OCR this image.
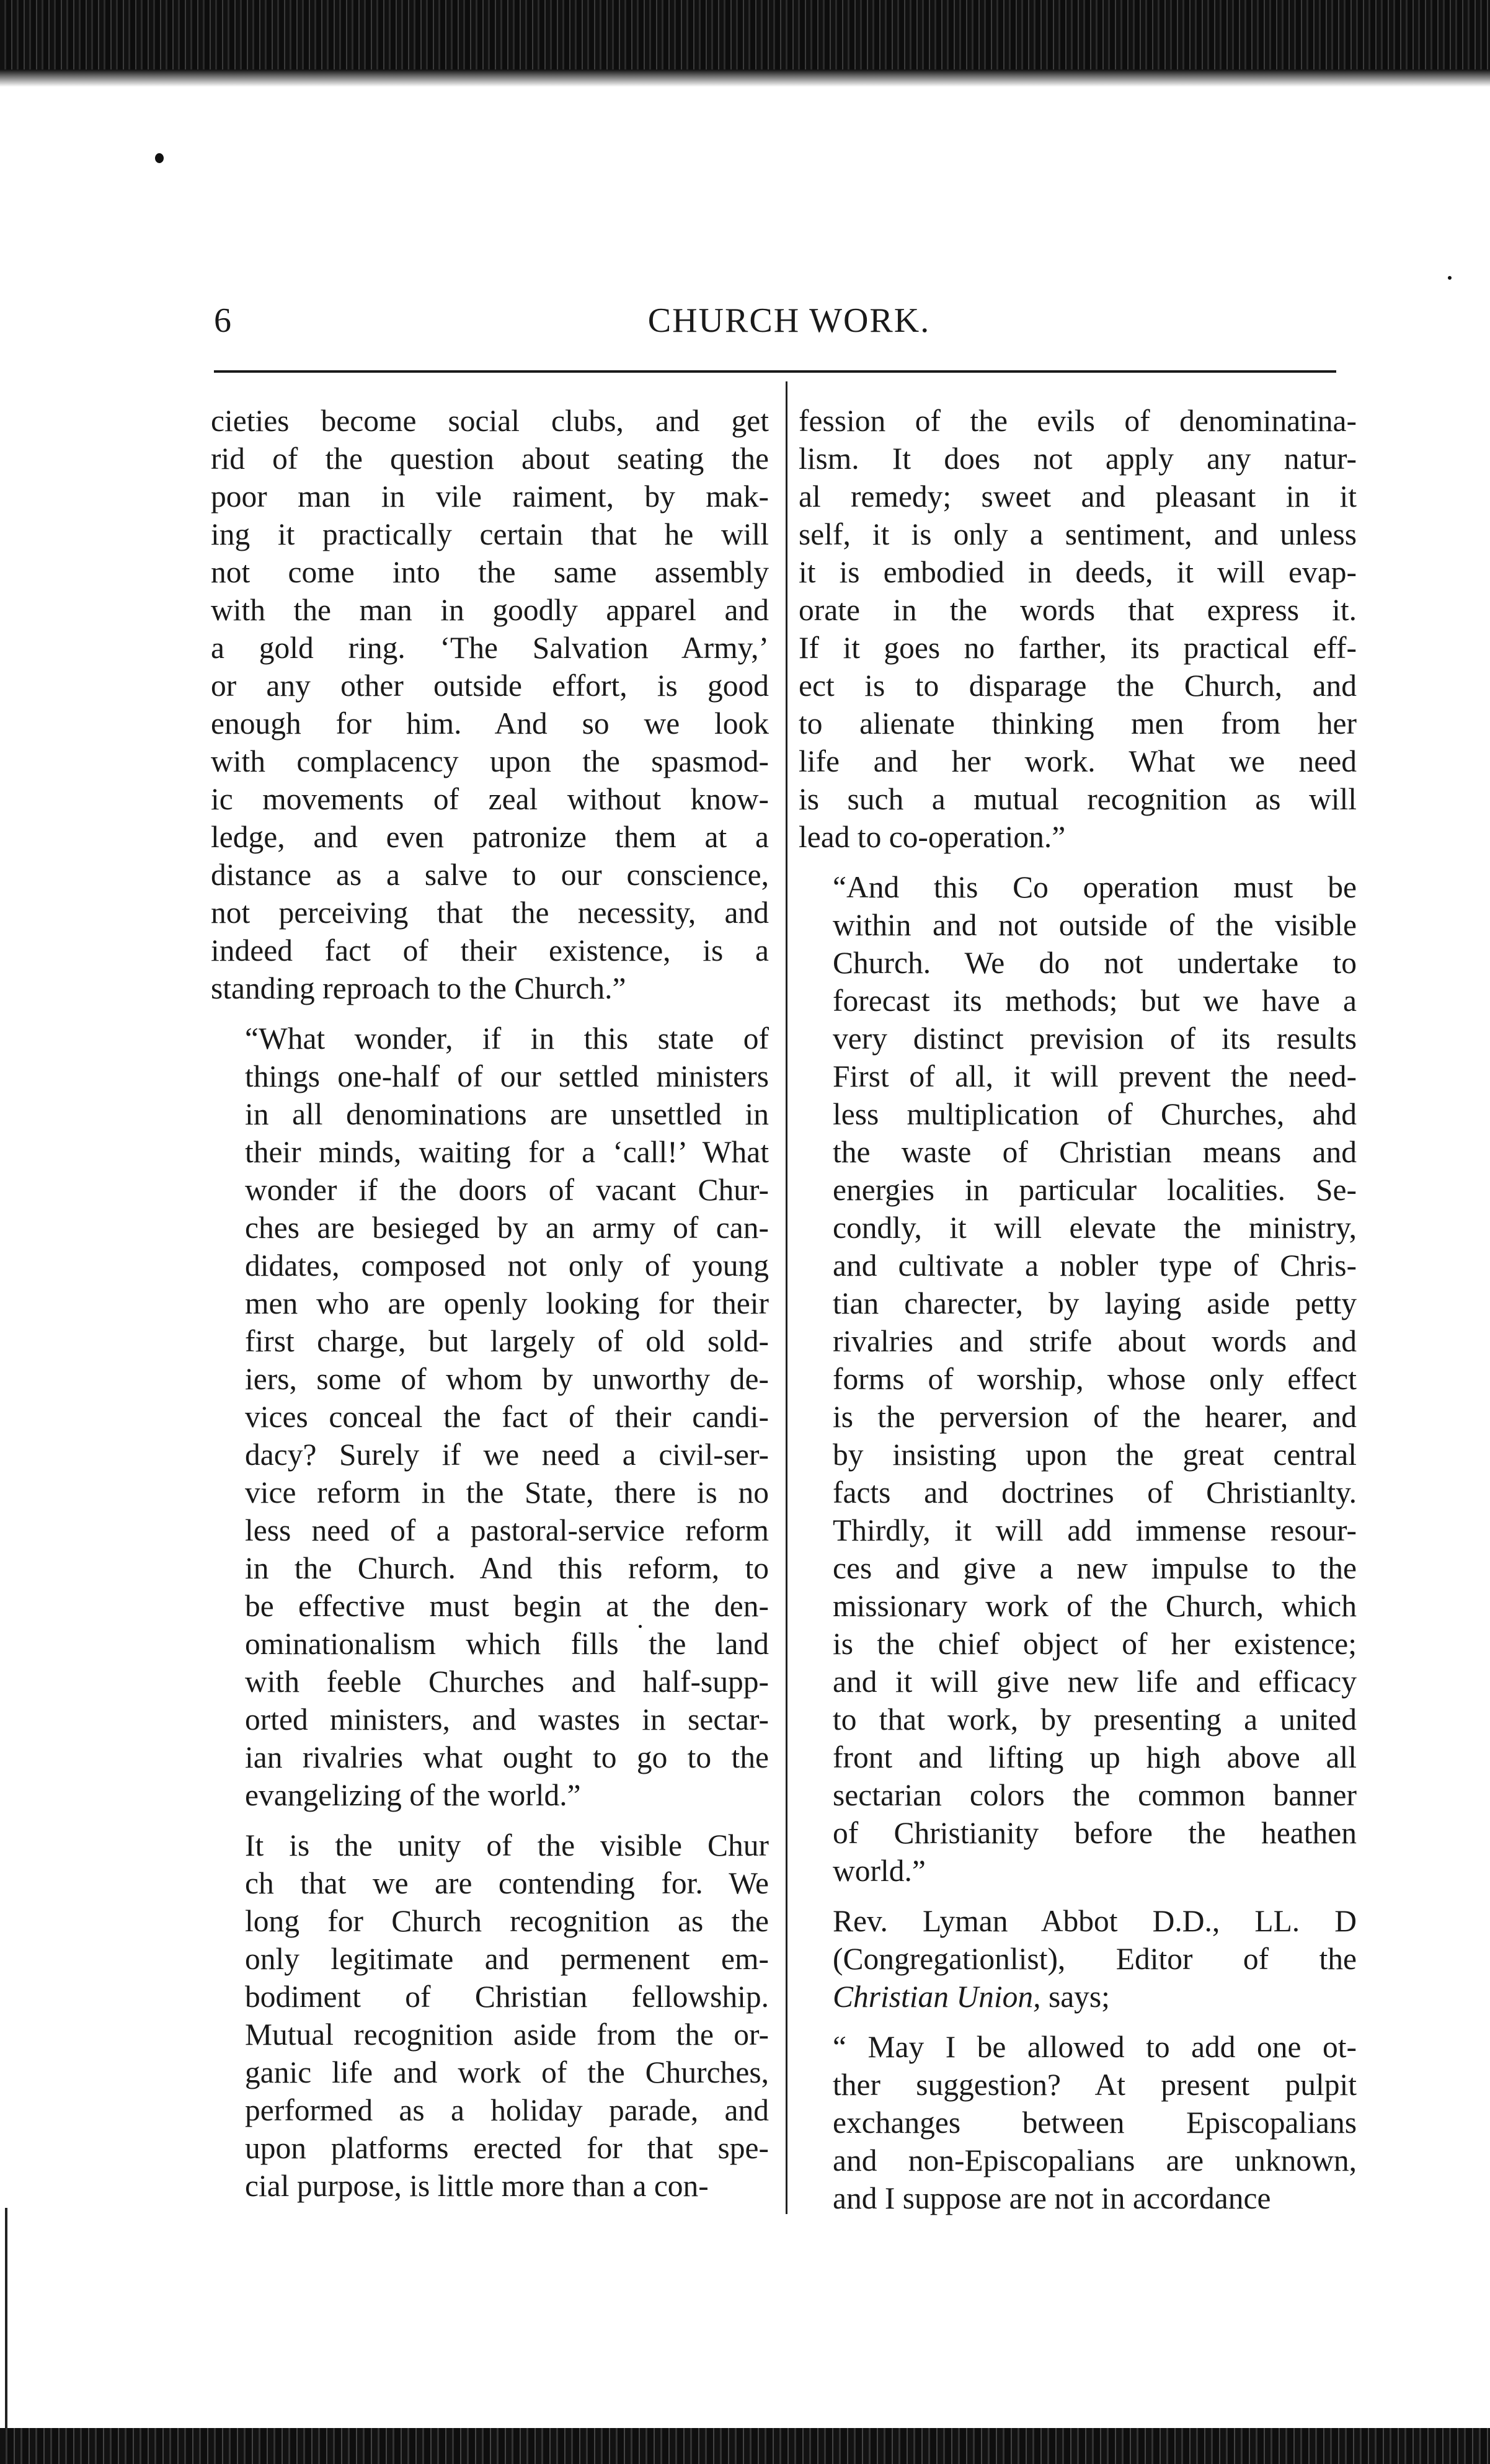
6	CHURCH WORK.

cieties become social clubs, and get
rid of the question about seating the
poor man in vile raiment, by mak-
ing it practically certain that he will
not come into the same assembly
with the man in goodly apparel and
a gold ring. ‘The Salvation Army,’
or any other outside effort, is good
enough for him. And so we look
with complacency upon the spasmod-
ic movements of zeal without know-
ledge, and even patronize them at a
distance as a salve to our conscience,
not perceiving that the necessity, and
indeed fact of their existence, is a
standing reproach to the Church.”

“What wonder, if in this state of
things one-half of our settled ministers
in all denominations are unsettled in
their minds, waiting for a ‘call!’ What
wonder if the doors of vacant Chur-
ches are besieged by an army of can-
didates, composed not only of young
men who are openly looking for their
first charge, but largely of old sold-
iers, some of whom by unworthy de-
vices conceal the fact of their candi-
dacy? Surely if we need a civil-ser-
vice reform in the State, there is no
less need of a pastoral-service reform
in the Church. And this reform, to
be effective must begin at the den-
ominationalism which fills the land
with feeble Churches and half-supp-
orted ministers, and wastes in sectar-
ian rivalries what ought to go to the
evangelizing of the world.”

It is the unity of the visible Chur
ch that we are contending for. We
long for Church recognition as the
only legitimate and permenent em-
bodiment of Christian fellowship.
Mutual recognition aside from the or-
ganic life and work of the Churches,
performed as a holiday parade, and
upon platforms erected for that spe-
cial purpose, is little more than a con-

fession of the evils of denominatina-
lism. It does not apply any natur-
al remedy; sweet and pleasant in it
self, it is only a sentiment, and unless
it is embodied in deeds, it will evap-
orate in the words that express it.
If it goes no farther, its practical eff-
ect is to disparage the Church, and
to alienate thinking men from her
life and her work. What we need
is such a mutual recognition as will
lead to co-operation.”

“And this Co operation must be
within and not outside of the visible
Church. We do not undertake to
forecast its methods; but we have a
very distinct prevision of its results
First of all, it will prevent the need-
less multiplication of Churches, ahd
the waste of Christian means and
energies in particular localities. Se-
condly, it will elevate the ministry,
and cultivate a nobler type of Chris-
tian charecter, by laying aside petty
rivalries and strife about words and
forms of worship, whose only effect
is the perversion of the hearer, and
by insisting upon the great central
facts and doctrines of Christianlty.
Thirdly, it will add immense resour-
ces and give a new impulse to the
missionary work of the Church, which
is the chief object of her existence;
and it will give new life and efficacy
to that work, by presenting a united
front and lifting up high above all
sectarian colors the common banner
of Christianity before the heathen
world.”

Rev. Lyman Abbot D.D., LL. D
(Congregationlist), Editor of the
Christian Union, says;

“ May I be allowed to add one ot-
ther suggestion? At present pulpit
exchanges between Episcopalians
and non-Episcopalians are unknown,
and I suppose are not in accordance
